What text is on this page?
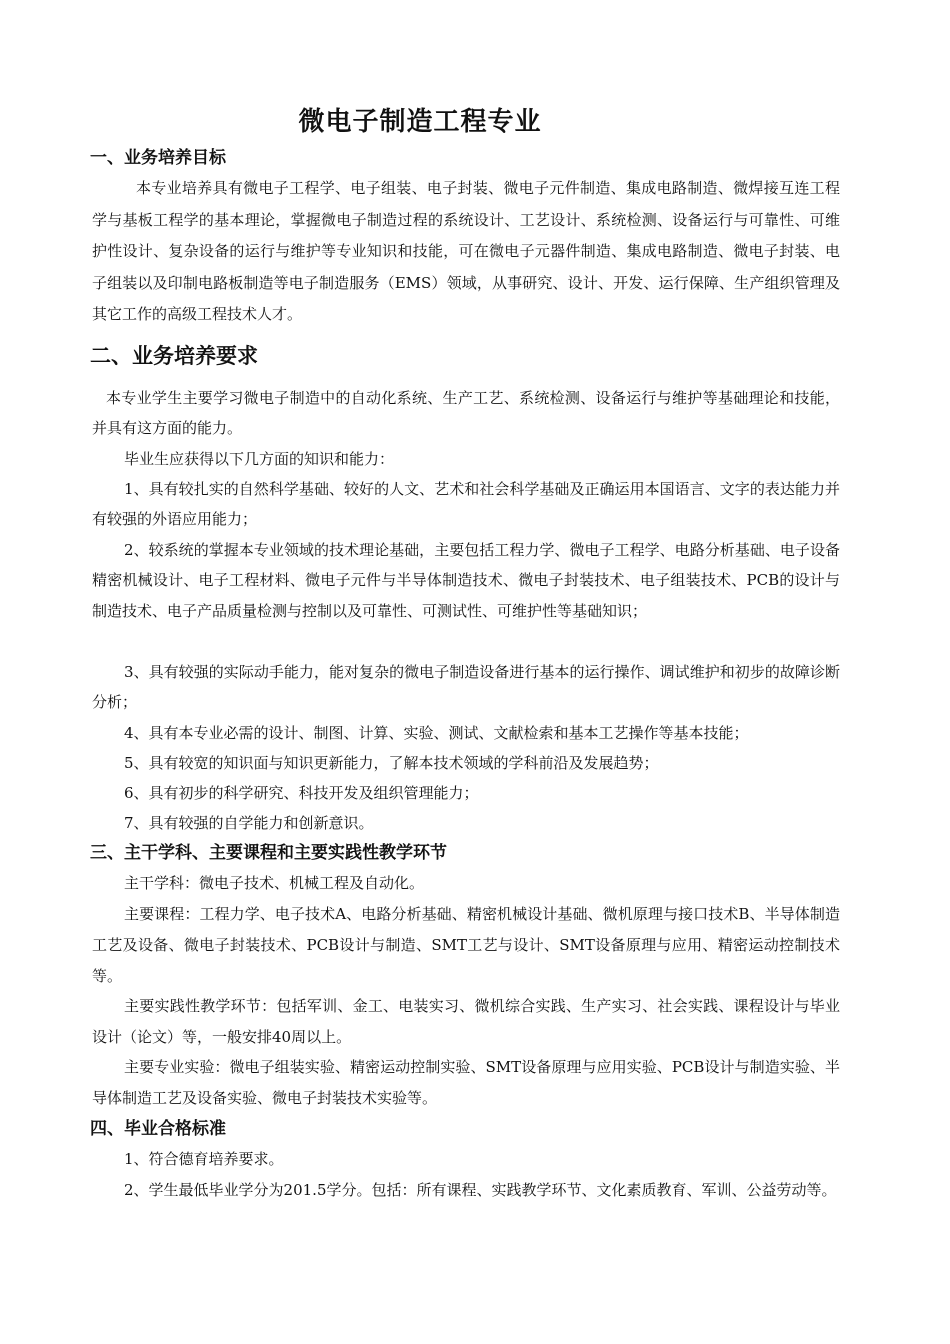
微电子制造工程专业
一、业务培养目标

本专业培养具有微电子工程学、电子组装、电子封装、微电子元件制造、集成电路制造、微焊接互连工程学与基板工程学的基本理论，掌握微电子制造过程的系统设计、工艺设计、系统检测、设备运行与可靠性、可维护性设计、复杂设备的运行与维护等专业知识和技能，可在微电子元器件制造、集成电路制造、微电子封装、电子组装以及印制电路板制造等电子制造服务（EMS）领域，从事研究、设计、开发、运行保障、生产组织管理及其它工作的高级工程技术人才。

二、业务培养要求

本专业学生主要学习微电子制造中的自动化系统、生产工艺、系统检测、设备运行与维护等基础理论和技能，并具有这方面的能力。

毕业生应获得以下几方面的知识和能力：

1、具有较扎实的自然科学基础、较好的人文、艺术和社会科学基础及正确运用本国语言、文字的表达能力并有较强的外语应用能力；

2、较系统的掌握本专业领域的技术理论基础，主要包括工程力学、微电子工程学、电路分析基础、电子设备精密机械设计、电子工程材料、微电子元件与半导体制造技术、微电子封装技术、电子组装技术、PCB的设计与制造技术、电子产品质量检测与控制以及可靠性、可测试性、可维护性等基础知识；

3、具有较强的实际动手能力，能对复杂的微电子制造设备进行基本的运行操作、调试维护和初步的故障诊断分析；

4、具有本专业必需的设计、制图、计算、实验、测试、文献检索和基本工艺操作等基本技能；

5、具有较宽的知识面与知识更新能力，了解本技术领域的学科前沿及发展趋势；

6、具有初步的科学研究、科技开发及组织管理能力；

7、具有较强的自学能力和创新意识。

三、主干学科、主要课程和主要实践性教学环节

主干学科：微电子技术、机械工程及自动化。

主要课程：工程力学、电子技术A、电路分析基础、精密机械设计基础、微机原理与接口技术B、半导体制造工艺及设备、微电子封装技术、PCB设计与制造、SMT工艺与设计、SMT设备原理与应用、精密运动控制技术等。

主要实践性教学环节：包括军训、金工、电装实习、微机综合实践、生产实习、社会实践、课程设计与毕业设计（论文）等，一般安排40周以上。

主要专业实验：微电子组装实验、精密运动控制实验、SMT设备原理与应用实验、PCB设计与制造实验、半导体制造工艺及设备实验、微电子封装技术实验等。

四、毕业合格标准

1、符合德育培养要求。

2、学生最低毕业学分为201.5学分。包括：所有课程、实践教学环节、文化素质教育、军训、公益劳动等。
